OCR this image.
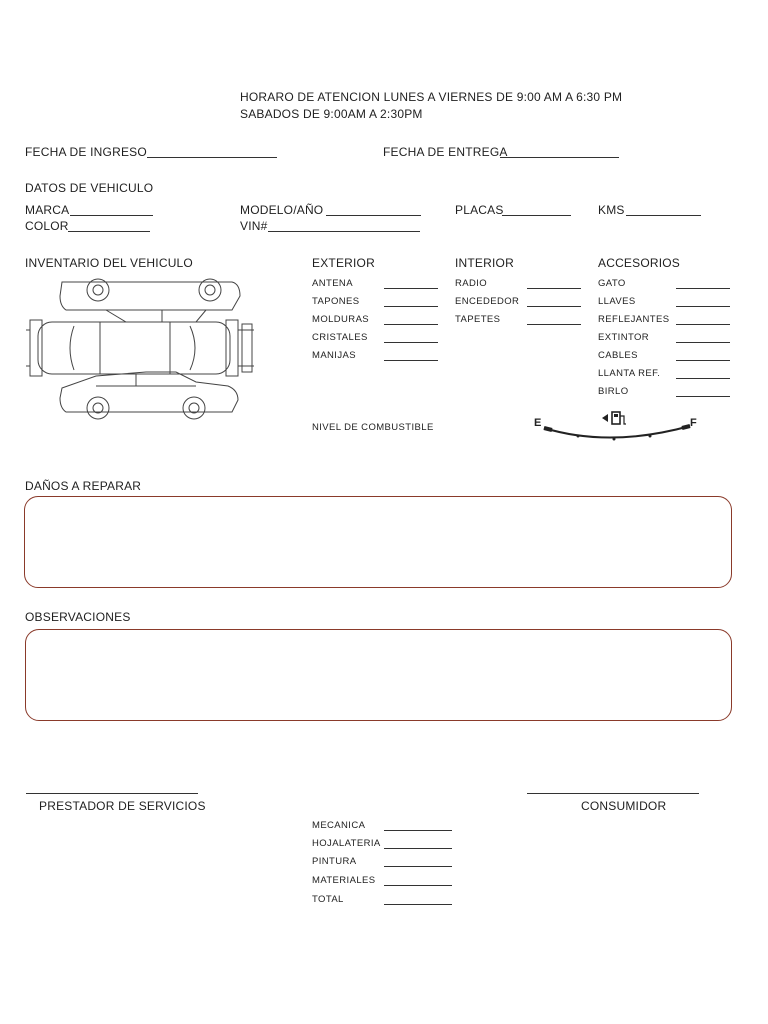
HORARO DE ATENCION LUNES A VIERNES DE 9:00 AM A 6:30 PM
SABADOS DE 9:00AM A 2:30PM
FECHA DE INGRESO	FECHA DE ENTREGA
DATOS DE VEHICULO
MARCA	MODELO/AÑO	PLACAS	KMS
COLOR	VIN#
INVENTARIO DEL VEHICULO	EXTERIOR
ANTENA
TAPONES
MOLDURAS
CRISTALES
MANIJAS
INTERIOR
RADIO
ENCEDEDOR
TAPETES
ACCESORIOS
GATO
LLAVES
REFLEJANTES
EXTINTOR
CABLES
LLANTA REF.
BIRLO
NIVEL DE COMBUSTIBLE	E	F
DAÑOS A REPARAR
OBSERVACIONES
PRESTADOR DE SERVICIOS	CONSUMIDOR
MECANICA
HOJALATERIA
PINTURA
MATERIALES
TOTAL
